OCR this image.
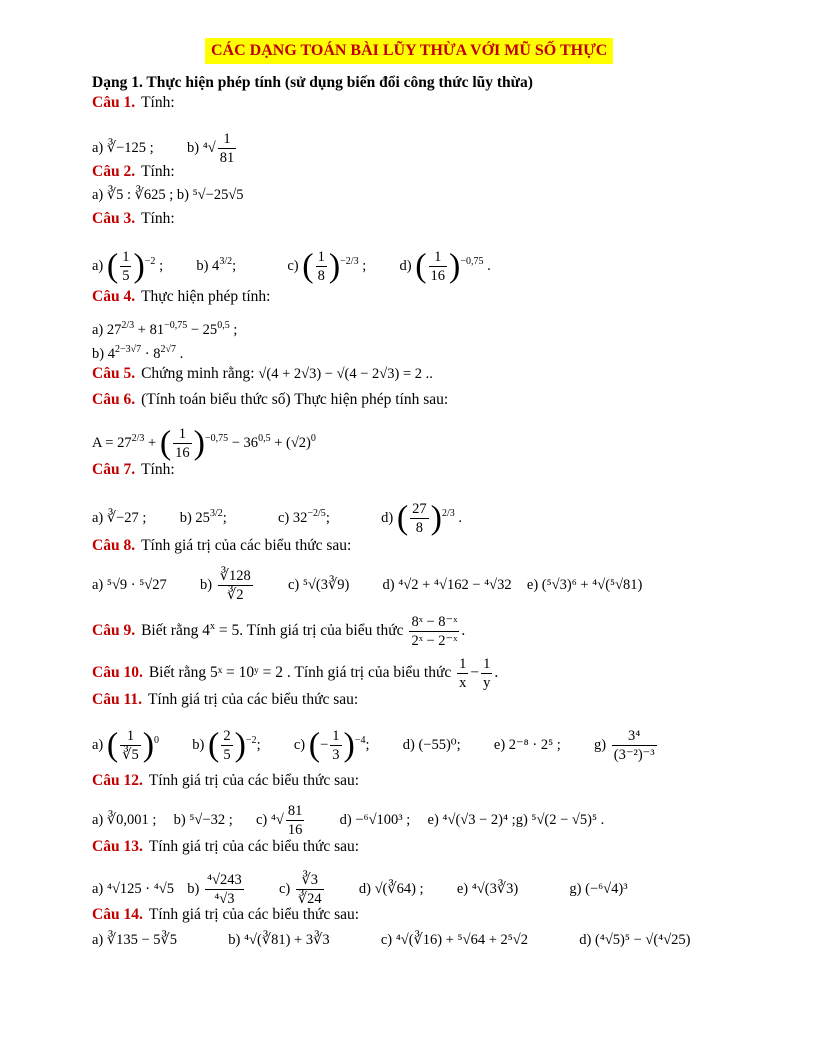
CÁC DẠNG TOÁN BÀI LŨY THỪA VỚI MŨ SỐ THỰC
Dạng 1. Thực hiện phép tính (sử dụng biến đổi công thức lũy thừa)
Câu 1. Tính:
a) ∛−125 ; b) $^4√ \frac{1}{81}$
Câu 2. Tính:
a) ∛5 : ∛625 ; b) ⁵√−25√5
Câu 3. Tính:
a) ( $\frac{1}{5} )^{-2}$ ; b) $4^{3/2}$;	c) ( $\frac{1}{8} )^{-2/3}$ ; d) ( $\frac{1}{16} )^{-0,75}$ .
Câu 4. Thực hiện phép tính:
a) $27^{2/3} + 81^{-0,75} - 25^{0,5}$ ;
b) $4^{2-3√7} \cdot 8^{2√7}$ .
Câu 5. Chứng minh rằng: √(4 + 2√3) − √(4 − 2√3) = 2 ..
Câu 6. (Tính toán biểu thức số) Thực hiện phép tính sau:
$A = 27^{2/3}$ + ( $\frac{1}{16} )^{-0,75} - 36^{0,5} + (√2)^0$
Câu 7. Tính:
a) ∛−27 ; b) $25^{3/2}$;	c) $32^{-2/5}$;	d) ( $\frac{27}{8} )^{2/3}$ .
Câu 8. Tính giá trị của các biểu thức sau:
a) ⁵√9 · ⁵√27 $b) \frac{∛128}{∛2} c$) ⁵√(3∛9) d) ⁴√2 + ⁴√162 − ⁴√32 e) (⁵√3)⁶ + ⁴√(⁵√81)
Câu 9. Biết rằng $4^x = 5$. Tính giá trị của biểu thức $\frac{\text{8ˣ − 8⁻ˣ}}{\text{2ˣ − 2⁻ˣ}}$ .
Câu 10. Biết rằng 5ˣ = 10ʸ = 2 . Tính giá trị của biểu thức $\frac{1}{x} - \frac{1}{y}$ .
Câu 11. Tính giá trị của các biểu thức sau:
a) ( $\frac{1}{∛5} )^0$ b) ( $\frac{2}{5} )^{-2}$; c) (− $\frac{1}{3} )^{-4}$; d) (−55)⁰; e) 2⁻⁸ · 2⁵ ; $g) \frac{\text{3⁴}}{\text{(3⁻²)⁻³}}$
Câu 12. Tính giá trị của các biểu thức sau:
a) ∛0,001 ; b) ⁵√−32 ; c) $^4√ \frac{81}{16} d) -^6√100^3$ ; e) ⁴√(√3 − 2)⁴ ;g) ⁵√(2 − √5)⁵ .
Câu 13. Tính giá trị của các biểu thức sau:
a) ⁴√125 · ⁴√5 $b) \frac{\text{⁴√243}}{\text{⁴√3}} c) \frac{∛3}{∛24} d$) √(∛64) ; e) ⁴√(3∛3)	g) (−⁶√4)³
Câu 14. Tính giá trị của các biểu thức sau:
a) ∛135 − 5∛5	b) ⁴√(∛81) + 3∛3	c) ⁴√(∛16) + ⁵√64 + 2⁵√2	d) (⁴√5)⁵ − √(⁴√25)
